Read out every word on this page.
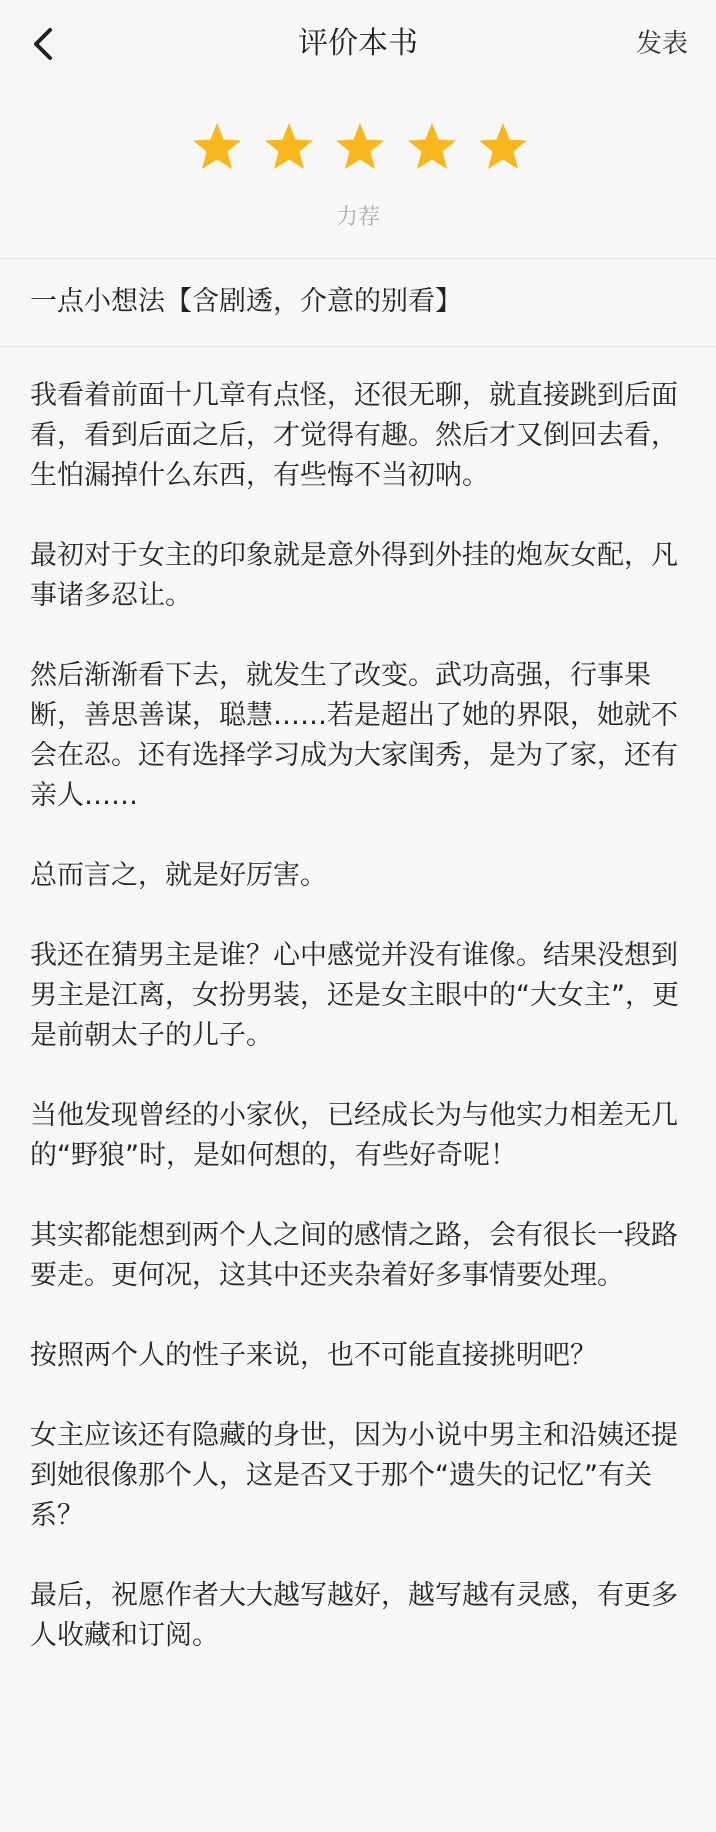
评价本书	发表
力荐
一点小想法【含剧透，介意的别看】

我看着前面十几章有点怪，还很无聊，就直接跳到后面看，看到后面之后，才觉得有趣。然后才又倒回去看，生怕漏掉什么东西，有些悔不当初呐。

最初对于女主的印象就是意外得到外挂的炮灰女配，凡事诸多忍让。

然后渐渐看下去，就发生了改变。武功高强，行事果断，善思善谋，聪慧……若是超出了她的界限，她就不会在忍。还有选择学习成为大家闺秀，是为了家，还有亲人……

总而言之，就是好厉害。

我还在猜男主是谁？心中感觉并没有谁像。结果没想到男主是江离，女扮男装，还是女主眼中的“大女主”，更是前朝太子的儿子。

当他发现曾经的小家伙，已经成长为与他实力相差无几的“野狼”时，是如何想的，有些好奇呢！

其实都能想到两个人之间的感情之路，会有很长一段路要走。更何况，这其中还夹杂着好多事情要处理。

按照两个人的性子来说，也不可能直接挑明吧？

女主应该还有隐藏的身世，因为小说中男主和沿姨还提到她很像那个人，这是否又于那个“遗失的记忆”有关系？

最后，祝愿作者大大越写越好，越写越有灵感，有更多人收藏和订阅。
